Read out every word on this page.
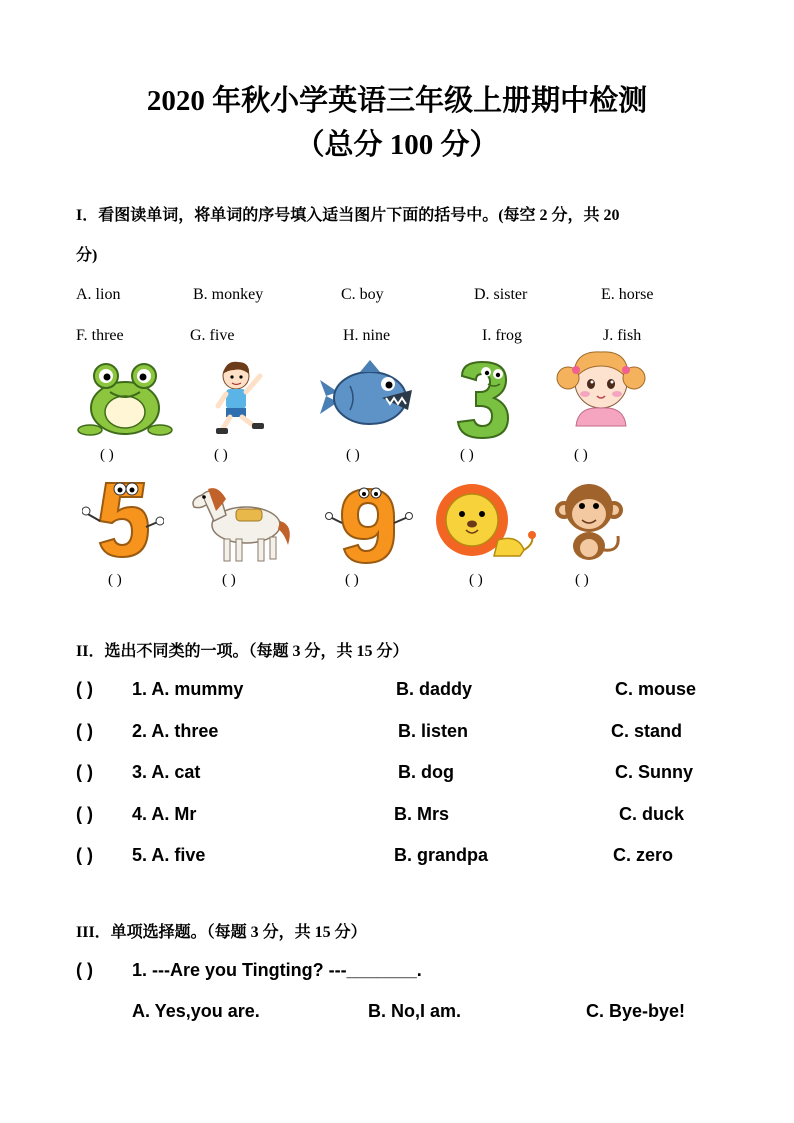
2020 年秋小学英语三年级上册期中检测
（总分 100 分）
I．看图读单词，将单词的序号填入适当图片下面的括号中。(每空 2 分，共 20
分)
A. lion	B. monkey	C. boy	D. sister	E. horse
F. three	G. five	H. nine	I. frog	J. fish
( )	( )	( )	( )	( )
( )	( )	( )	( )	( )
II．选出不同类的一项。（每题 3 分，共 15 分）
( ) 1. A. mummy	B. daddy	C. mouse
( ) 2. A. three	B. listen	C. stand
( ) 3. A. cat	B. dog	C. Sunny
( ) 4. A. Mr	B. Mrs	C. duck
( ) 5. A. five	B. grandpa	C. zero
III．单项选择题。（每题 3 分，共 15 分）
( ) 1. ---Are you Tingting? ---_______.
A. Yes,you are.	B. No,I am.	C. Bye-bye!
